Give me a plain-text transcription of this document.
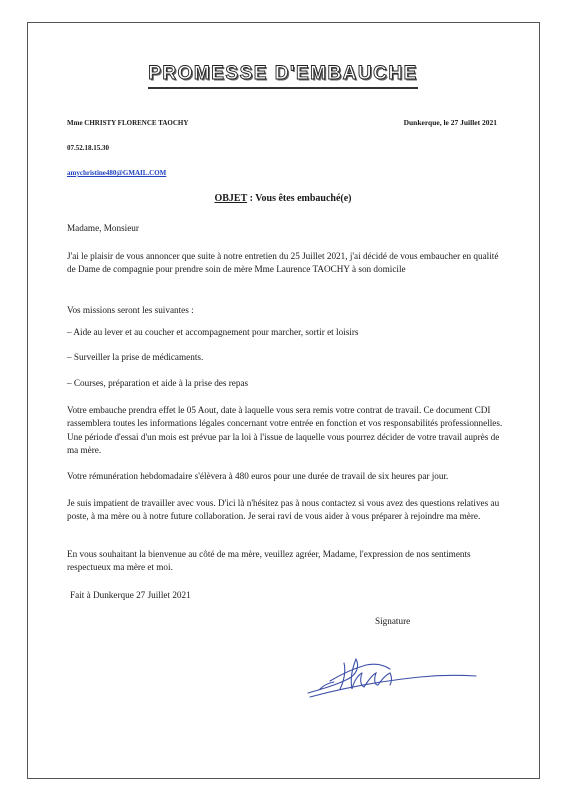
PROMESSE D'EMBAUCHE
Mme CHRISTY FLORENCE TAOCHY	Dunkerque, le 27 Juillet 2021
07.52.18.15.30
amychristine480@GMAIL.COM
OBJET : Vous êtes embauché(e)
Madame, Monsieur
J'ai le plaisir de vous annoncer que suite à notre entretien du 25 Juillet 2021, j'ai décidé de vous embaucher en qualité de Dame de compagnie pour prendre soin de mère Mme Laurence TAOCHY à son domicile
Vos missions seront les suivantes :
– Aide au lever et au coucher et accompagnement pour marcher, sortir et loisirs
– Surveiller la prise de médicaments.
– Courses, préparation et aide à la prise des repas
Votre embauche prendra effet le 05 Aout, date à laquelle vous sera remis votre contrat de travail. Ce document CDI rassemblera toutes les informations légales concernant votre entrée en fonction et vos responsabilités professionnelles. Une période d'essai d'un mois est prévue par la loi à l'issue de laquelle vous pourrez décider de votre travail auprès de ma mère.
Votre rémunération hebdomadaire s'élèvera à 480 euros pour une durée de travail de six heures par jour.
Je suis impatient de travailler avec vous. D'ici là n'hésitez pas à nous contactez si vous avez des questions relatives au poste, à ma mère ou à notre future collaboration. Je serai ravi de vous aider à vous préparer à rejoindre ma mère.
En vous souhaitant la bienvenue au côté de ma mère, veuillez agréer, Madame, l'expression de nos sentiments respectueux ma mère et moi.
Fait à Dunkerque 27 Juillet 2021
Signature
